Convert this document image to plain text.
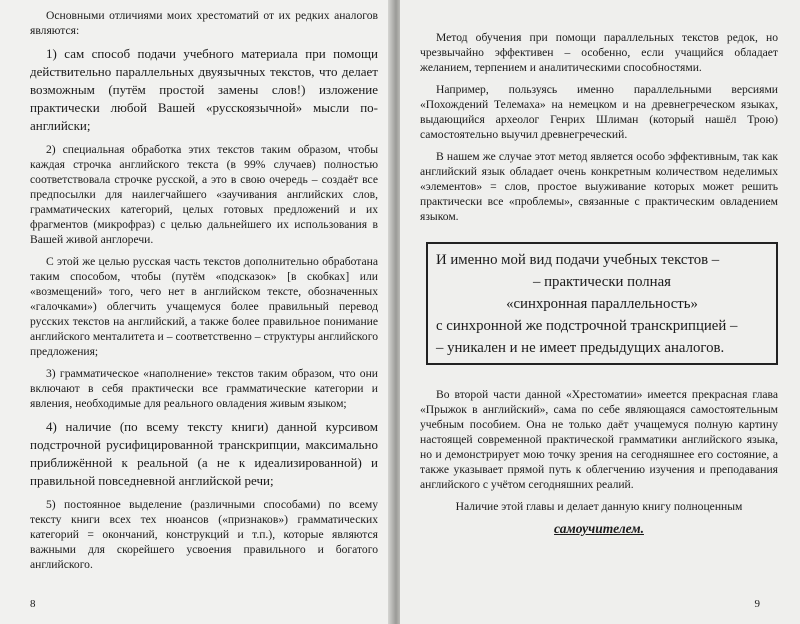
Основными отличиями моих хрестоматий от их редких аналогов являются:

1) сам способ подачи учебного материала при помощи действительно параллельных двуязычных текстов, что делает возможным (путём простой замены слов!) изложение практически любой Вашей «русскоязычной» мысли по-английски;

2) специальная обработка этих текстов таким образом, чтобы каждая строчка английского текста (в 99% случаев) полностью соответствовала строчке русской, а это в свою очередь – создаёт все предпосылки для наилегчайшего «заучивания английских слов, грамматических категорий, целых готовых предложений и их фрагментов (микрофраз) с целью дальнейшего их использования в Вашей живой англоречи.

С этой же целью русская часть текстов дополнительно обработана таким способом, чтобы (путём «подсказок» [в скобках] или «возмещений» того, чего нет в английском тексте, обозначенных «галочками») облегчить учащемуся более правильный перевод русских текстов на английский, а также более правильное понимание английского менталитета и – соответственно – структуры английского предложения;

3) грамматическое «наполнение» текстов таким образом, что они включают в себя практически все грамматические категории и явления, необходимые для реального овладения живым языком;

4) наличие (по всему тексту книги) данной курсивом подстрочной русифицированной транскрипции, максимально приближённой к реальной (а не к идеализированной) и правильной повседневной английской речи;

5) постоянное выделение (различными способами) по всему тексту книги всех тех нюансов («признаков») грамматических категорий = окончаний, конструкций и т.п.), которые являются важными для скорейшего усвоения правильного и богатого английского.

8

Метод обучения при помощи параллельных текстов редок, но чрезвычайно эффективен – особенно, если учащийся обладает желанием, терпением и аналитическими способностями.

Например, пользуясь именно параллельными версиями «Похождений Телемаха» на немецком и на древнегреческом языках, выдающийся археолог Генрих Шлиман (который нашёл Трою) самостоятельно выучил древнегреческий.

В нашем же случае этот метод является особо эффективным, так как английский язык обладает очень конкретным количеством неделимых «элементов» = слов, простое выуживание которых может решить практически все «проблемы», связанные с практическим овладением языком.

И именно мой вид подачи учебных текстов –

– практически полная

«синхронная параллельность»

с синхронной же подстрочной транскрипцией –

– уникален и не имеет предыдущих аналогов.

Во второй части данной «Хрестоматии» имеется прекрасная глава «Прыжок в английский», сама по себе являющаяся самостоятельным учебным пособием. Она не только даёт учащемуся полную картину настоящей современной практической грамматики английского языка, но и демонстрирует мою точку зрения на сегодняшнее его состояние, а также указывает прямой путь к облегчению изучения и преподавания английского с учётом сегодняшних реалий.

Наличие этой главы и делает данную книгу полноценным

самоучителем.
9
